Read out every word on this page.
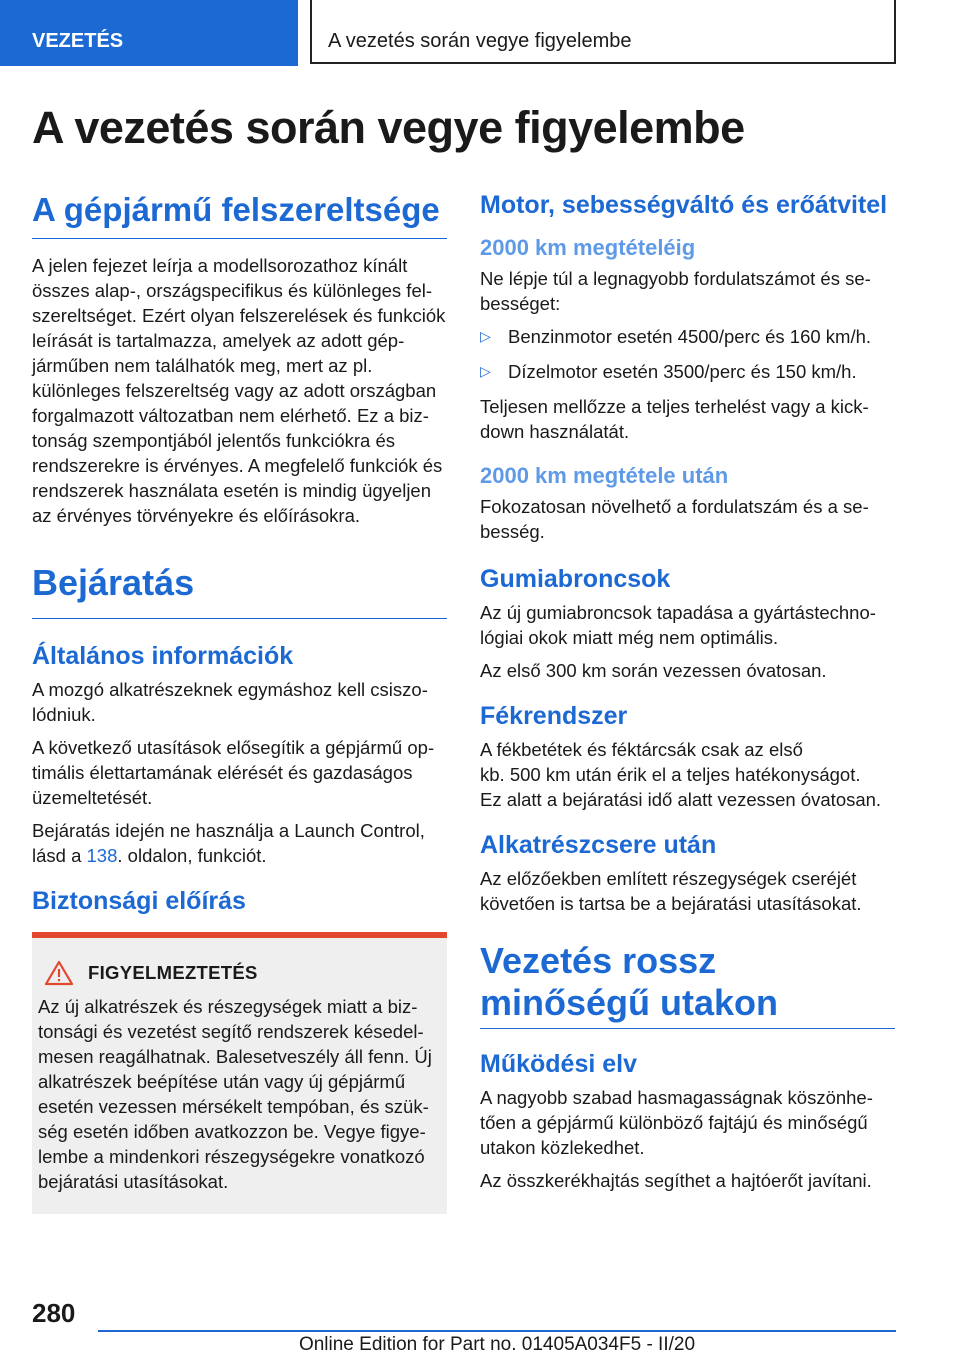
VEZETÉS	A vezetés során vegye figyelembe
A vezetés során vegye figyelembe
A gépjármű felszereltsége

A jelen fejezet leírja a modellsorozathoz kínált összes alap-, országspecifikus és különleges felszereltséget. Ezért olyan felszerelések és funkciók leírását is tartalmazza, amelyek az adott gépjárműben nem találhatók meg, mert az pl. különleges felszereltség vagy az adott országban forgalmazott változatban nem elérhető. Ez a biztonság szempontjából jelentős funkciókra és rendszerekre is érvényes. A megfelelő funkciók és rendszerek használata esetén is mindig ügyeljen az érvényes törvényekre és előírásokra.

Bejáratás
Általános információk

A mozgó alkatrészeknek egymáshoz kell csiszolódniuk.

A következő utasítások elősegítik a gépjármű optimális élettartamának elérését és gazdaságos üzemeltetését.

Bejáratás idején ne használja a Launch Control, lásd a 138. oldalon, funkciót.

Biztonsági előírás
FIGYELMEZTETÉS

Az új alkatrészek és részegységek miatt a biztonsági és vezetést segítő rendszerek késedelmesen reagálhatnak. Balesetveszély áll fenn. Új alkatrészek beépítése után vagy új gépjármű esetén vezessen mérsékelt tempóban, és szükség esetén időben avatkozzon be. Vegye figyelembe a mindenkori részegységekre vonatkozó bejáratási utasításokat.

Motor, sebességváltó és erőátvitel
2000 km megtételéig

Ne lépje túl a legnagyobb fordulatszámot és sebességet:

▷ Benzinmotor esetén 4500/perc és 160 km/h.
▷ Dízelmotor esetén 3500/perc és 150 km/h.

Teljesen mellőzze a teljes terhelést vagy a kickdown használatát.

2000 km megtétele után

Fokozatosan növelhető a fordulatszám és a sebesség.

Gumiabroncsok

Az új gumiabroncsok tapadása a gyártástechnológiai okok miatt még nem optimális.

Az első 300 km során vezessen óvatosan.

Fékrendszer

A fékbetétek és féktárcsák csak az első
kb. 500 km után érik el a teljes hatékonyságot.
Ez alatt a bejáratási idő alatt vezessen óvatosan.

Alkatrészcsere után

Az előzőekben említett részegységek cseréjét követően is tartsa be a bejáratási utasításokat.

Vezetés rossz minőségű utakon
Működési elv

A nagyobb szabad hasmagasságnak köszönhetően a gépjármű különböző fajtájú és minőségű utakon közlekedhet.

Az összkerékhajtás segíthet a hajtóerőt javítani.

280
Online Edition for Part no. 01405A034F5 - II/20
